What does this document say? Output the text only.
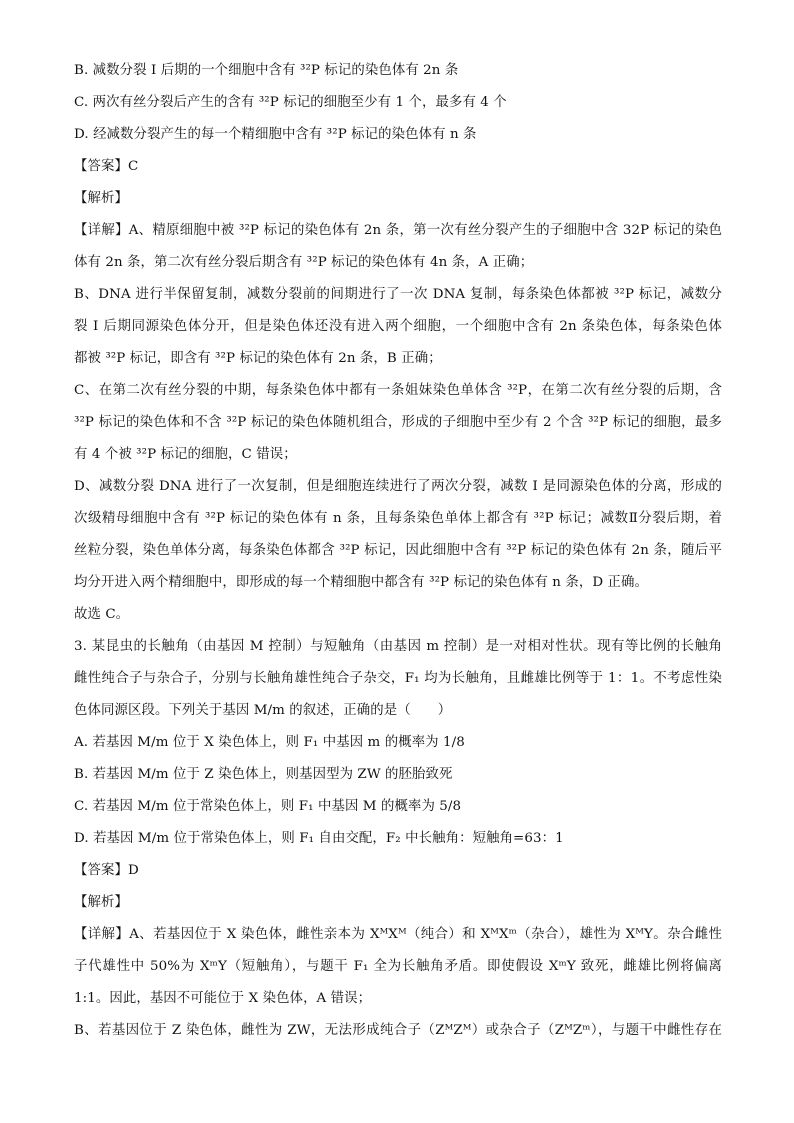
B. 减数分裂 I 后期的一个细胞中含有 ³²P 标记的染色体有 2n 条
C. 两次有丝分裂后产生的含有 ³²P 标记的细胞至少有 1 个，最多有 4 个
D. 经减数分裂产生的每一个精细胞中含有 ³²P 标记的染色体有 n 条
【答案】C
【解析】
【详解】A、精原细胞中被 ³²P 标记的染色体有 2n 条，第一次有丝分裂产生的子细胞中含 32P 标记的染色
体有 2n 条，第二次有丝分裂后期含有 ³²P 标记的染色体有 4n 条，A 正确；
B、DNA 进行半保留复制，减数分裂前的间期进行了一次 DNA 复制，每条染色体都被 ³²P 标记，减数分
裂 I 后期同源染色体分开，但是染色体还没有进入两个细胞，一个细胞中含有 2n 条染色体，每条染色体
都被 ³²P 标记，即含有 ³²P 标记的染色体有 2n 条，B 正确；
C、在第二次有丝分裂的中期，每条染色体中都有一条姐妹染色单体含 ³²P，在第二次有丝分裂的后期，含
³²P 标记的染色体和不含 ³²P 标记的染色体随机组合，形成的子细胞中至少有 2 个含 ³²P 标记的细胞，最多
有 4 个被 ³²P 标记的细胞，C 错误；
D、减数分裂 DNA 进行了一次复制，但是细胞连续进行了两次分裂，减数 I 是同源染色体的分离，形成的
次级精母细胞中含有 ³²P 标记的染色体有 n 条，且每条染色单体上都含有 ³²P 标记；减数Ⅱ分裂后期，着
丝粒分裂，染色单体分离，每条染色体都含 ³²P 标记，因此细胞中含有 ³²P 标记的染色体有 2n 条，随后平
均分开进入两个精细胞中，即形成的每一个精细胞中都含有 ³²P 标记的染色体有 n 条，D 正确。
故选 C。
3. 某昆虫的长触角（由基因 M 控制）与短触角（由基因 m 控制）是一对相对性状。现有等比例的长触角
雌性纯合子与杂合子，分别与长触角雄性纯合子杂交，F₁ 均为长触角，且雌雄比例等于 1：1。不考虑性染
色体同源区段。下列关于基因 M/m 的叙述，正确的是（　　）
A. 若基因 M/m 位于 X 染色体上，则 F₁ 中基因 m 的概率为 1/8
B. 若基因 M/m 位于 Z 染色体上，则基因型为 ZW 的胚胎致死
C. 若基因 M/m 位于常染色体上，则 F₁ 中基因 M 的概率为 5/8
D. 若基因 M/m 位于常染色体上，则 F₁ 自由交配，F₂ 中长触角：短触角=63：1
【答案】D
【解析】
【详解】A、若基因位于 X 染色体，雌性亲本为 XᴹXᴹ（纯合）和 XᴹXᵐ（杂合），雄性为 XᴹY。杂合雌性
子代雄性中 50%为 XᵐY（短触角），与题干 F₁ 全为长触角矛盾。即使假设 XᵐY 致死，雌雄比例将偏离
1:1。因此，基因不可能位于 X 染色体，A 错误；
B、若基因位于 Z 染色体，雌性为 ZW，无法形成纯合子（ZᴹZᴹ）或杂合子（ZᴹZᵐ），与题干中雌性存在
